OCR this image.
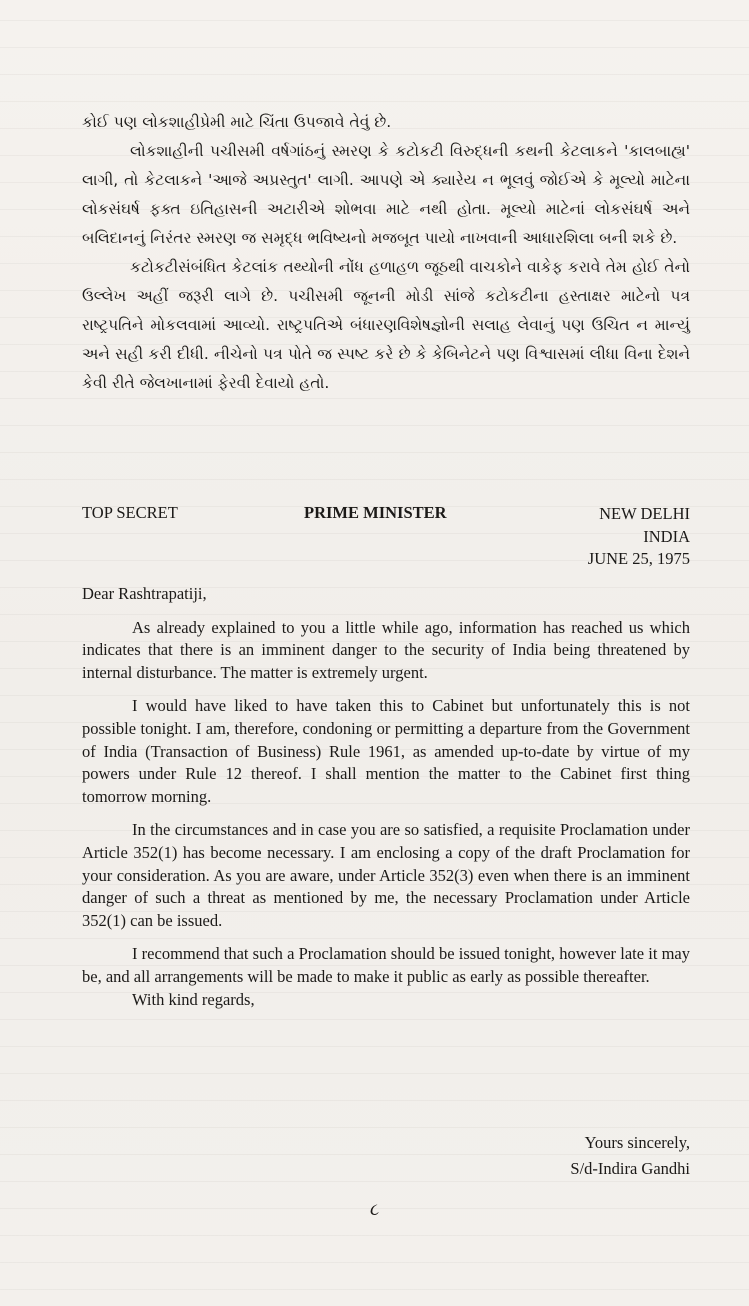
કોઈ પણ લોકશાહીપ્રેમી માટે ચિંતા ઉપજાવે તેવું છે.

લોકશાહીની પચીસમી વર્ષગાંઠનું સ્મરણ કે કટોકટી વિરુદ્ધની કથની કેટલાકને 'કાલબાહ્ય' લાગી, તો કેટલાકને 'આજે અપ્રસ્તુત' લાગી. આપણે એ ક્યારેય ન ભૂલવું જોઈએ કે મૂલ્યો માટેના લોકસંઘર્ષ ફક્ત ઇતિહાસની અટારીએ શોભવા માટે નથી હોતા. મૂલ્યો માટેનાં લોકસંઘર્ષ અને બલિદાનનું નિરંતર સ્મરણ જ સમૃદ્ધ ભવિષ્યનો મજબૂત પાયો નાખવાની આધારશિલા બની શકે છે.

કટોકટીસંબંધિત કેટલાંક તથ્યોની નોંધ હળાહળ જૂઠથી વાચકોને વાકેફ કરાવે તેમ હોઈ તેનો ઉલ્લેખ અહીં જરૂરી લાગે છે. પચીસમી જૂનની મોડી સાંજે કટોકટીના હસ્તાક્ષર માટેનો પત્ર રાષ્ટ્રપતિને મોકલવામાં આવ્યો. રાષ્ટ્રપતિએ બંધારણવિશેષજ્ઞોની સલાહ લેવાનું પણ ઉચિત ન માન્યું અને સહી કરી દીધી. નીચેનો પત્ર પોતે જ સ્પષ્ટ કરે છે કે કેબિનેટને પણ વિશ્વાસમાં લીધા વિના દેશને કેવી રીતે જેલખાનામાં ફેરવી દેવાયો હતો.

TOP SECRET	PRIME MINISTER	NEW DELHI
INDIA
JUNE 25, 1975

Dear Rashtrapatiji,

As already explained to you a little while ago, information has reached us which indicates that there is an imminent danger to the security of India being threatened by internal disturbance. The matter is extremely urgent.

I would have liked to have taken this to Cabinet but unfortunately this is not possible tonight. I am, therefore, condoning or permitting a departure from the Government of India (Transaction of Business) Rule 1961, as amended up-to-date by virtue of my powers under Rule 12 thereof. I shall mention the matter to the Cabinet first thing tomorrow morning.

In the circumstances and in case you are so satisfied, a requisite Proclamation under Article 352(1) has become necessary. I am enclosing a copy of the draft Proclamation for your consideration. As you are aware, under Article 352(3) even when there is an imminent danger of such a threat as mentioned by me, the necessary Proclamation under Article 352(1) can be issued.

I recommend that such a Proclamation should be issued tonight, however late it may be, and all arrangements will be made to make it public as early as possible thereafter.

With kind regards,

Yours sincerely,
S/d-Indira Gandhi
૮
